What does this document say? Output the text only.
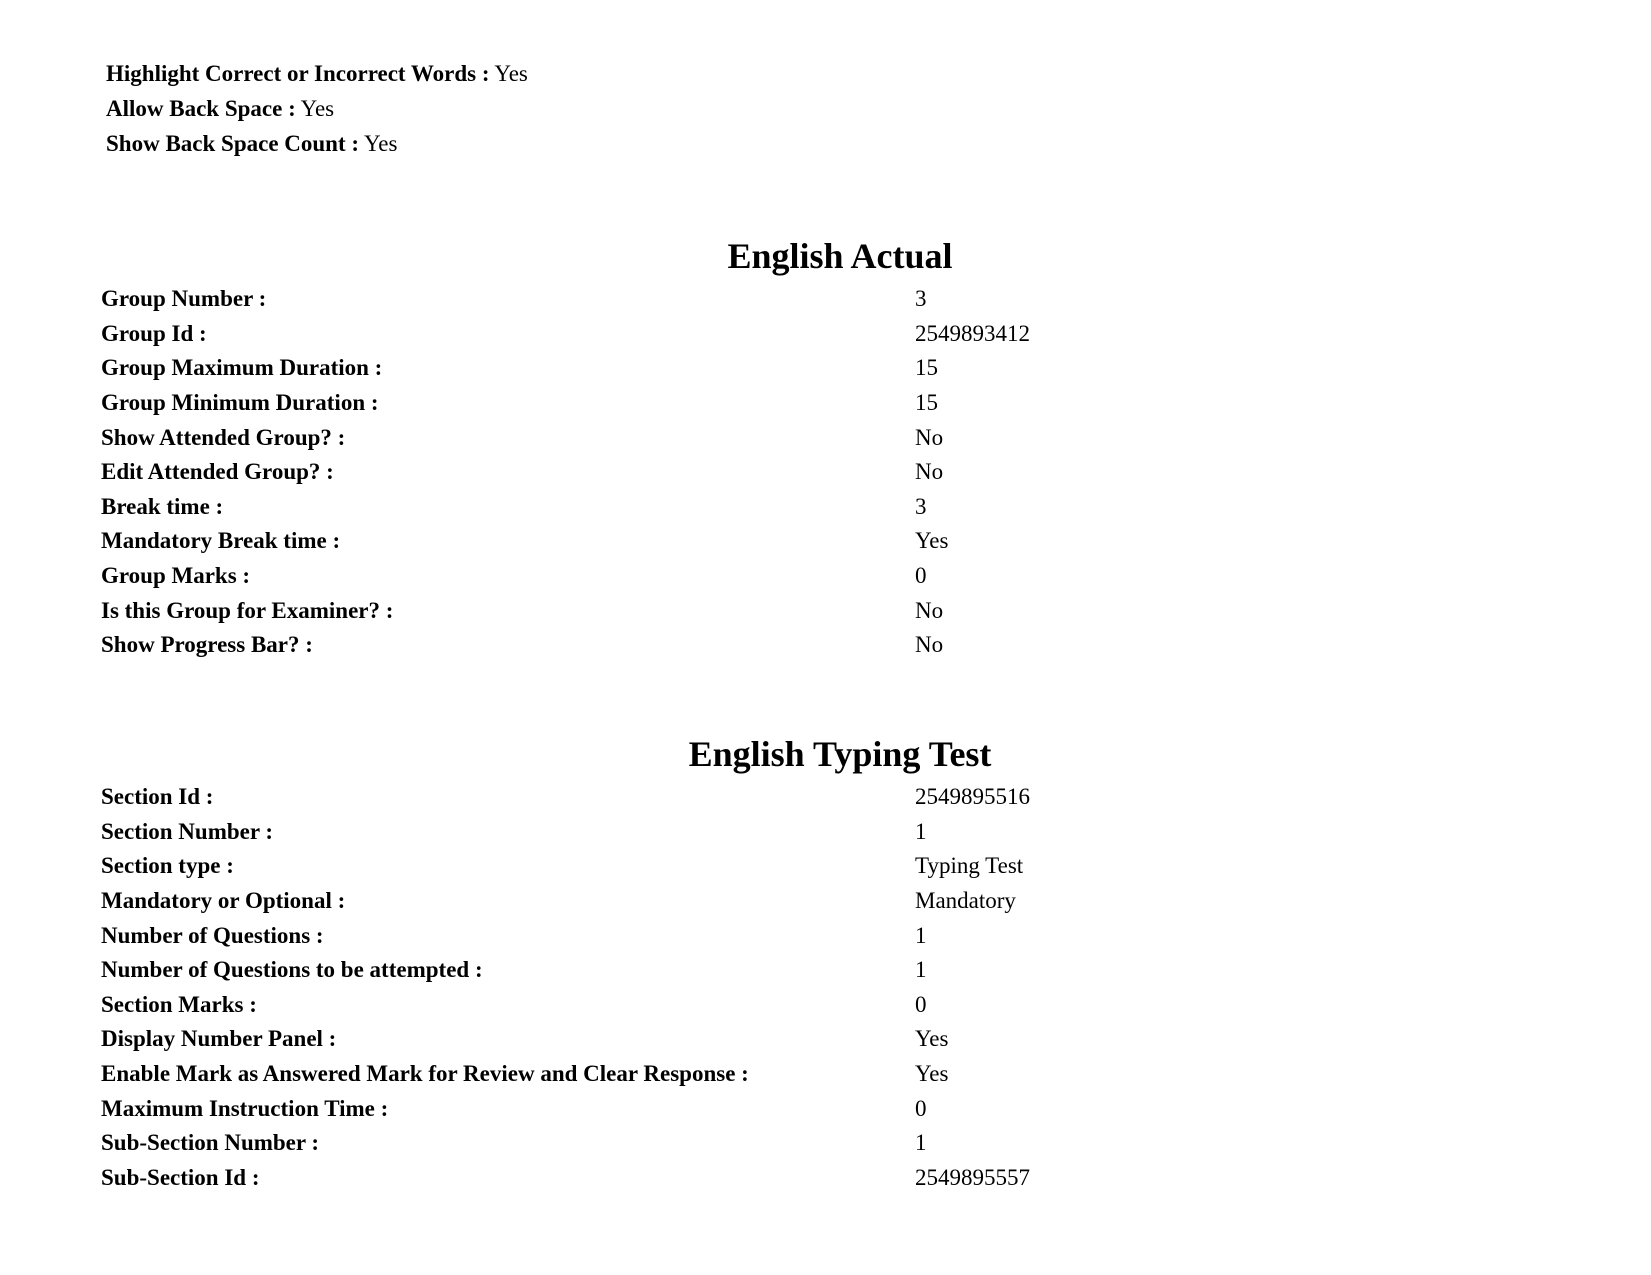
Highlight Correct or Incorrect Words : Yes
Allow Back Space : Yes
Show Back Space Count : Yes
English Actual
Group Number :	3
Group Id :	2549893412
Group Maximum Duration :	15
Group Minimum Duration :	15
Show Attended Group? :	No
Edit Attended Group? :	No
Break time :	3
Mandatory Break time :	Yes
Group Marks :	0
Is this Group for Examiner? :	No
Show Progress Bar? :	No
English Typing Test
Section Id :	2549895516
Section Number :	1
Section type :	Typing Test
Mandatory or Optional :	Mandatory
Number of Questions :	1
Number of Questions to be attempted :	1
Section Marks :	0
Display Number Panel :	Yes
Enable Mark as Answered Mark for Review and Clear Response :	Yes
Maximum Instruction Time :	0
Sub-Section Number :	1
Sub-Section Id :	2549895557
